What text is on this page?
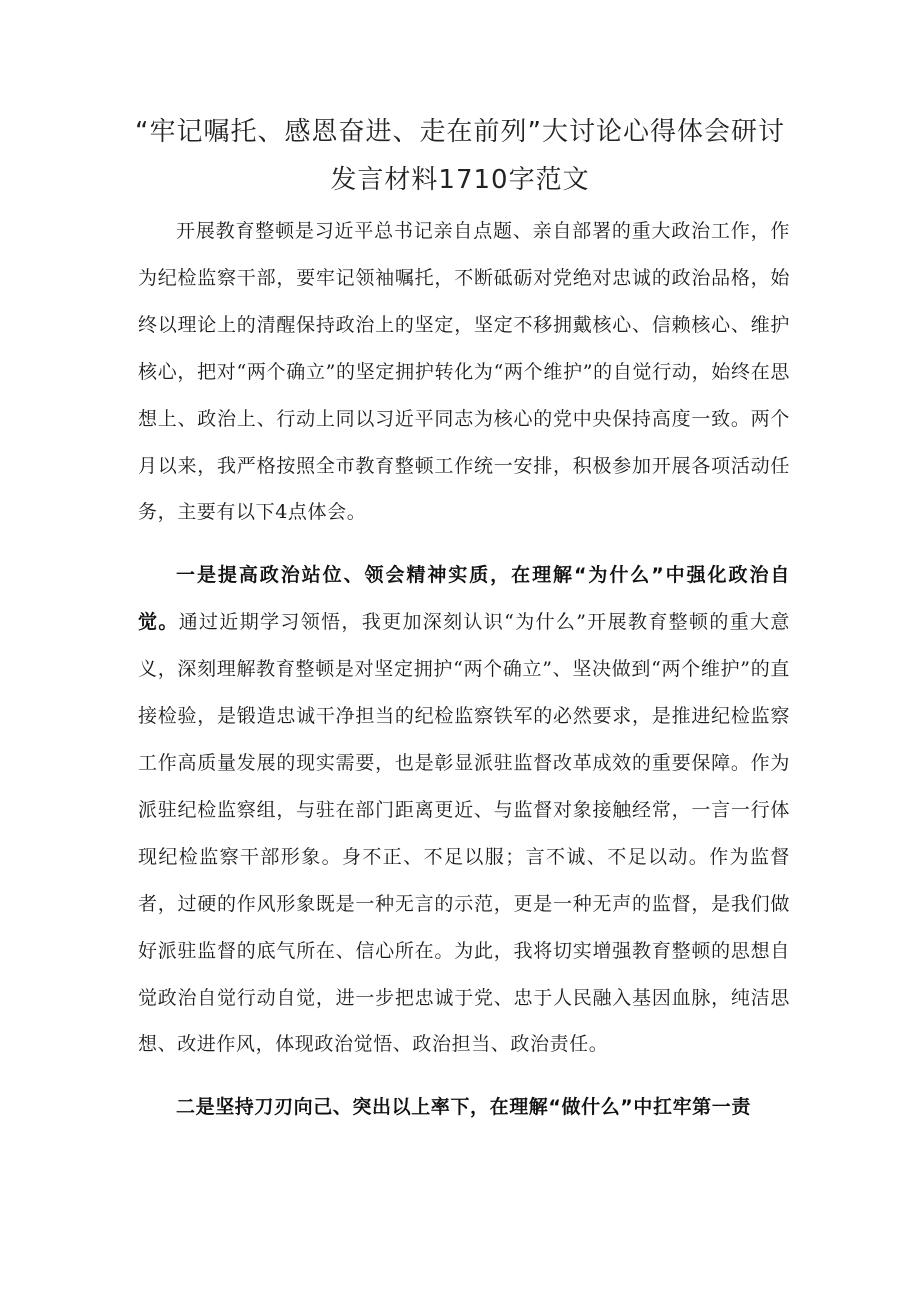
“牢记嘱托、感恩奋进、走在前列”大讨论心得体会研讨
发言材料1710字范文

开展教育整顿是习近平总书记亲自点题、亲自部署的重大政治工作，作为纪检监察干部，要牢记领袖嘱托，不断砥砺对党绝对忠诚的政治品格，始终以理论上的清醒保持政治上的坚定，坚定不移拥戴核心、信赖核心、维护核心，把对“两个确立”的坚定拥护转化为“两个维护”的自觉行动，始终在思想上、政治上、行动上同以习近平同志为核心的党中央保持高度一致。两个月以来，我严格按照全市教育整顿工作统一安排，积极参加开展各项活动任务，主要有以下4点体会。

一是提高政治站位、领会精神实质，在理解“为什么”中强化政治自觉。通过近期学习领悟，我更加深刻认识“为什么”开展教育整顿的重大意义，深刻理解教育整顿是对坚定拥护“两个确立”、坚决做到“两个维护”的直接检验，是锻造忠诚干净担当的纪检监察铁军的必然要求，是推进纪检监察工作高质量发展的现实需要，也是彰显派驻监督改革成效的重要保障。作为派驻纪检监察组，与驻在部门距离更近、与监督对象接触经常，一言一行体现纪检监察干部形象。身不正、不足以服；言不诚、不足以动。作为监督者，过硬的作风形象既是一种无言的示范，更是一种无声的监督，是我们做好派驻监督的底气所在、信心所在。为此，我将切实增强教育整顿的思想自觉政治自觉行动自觉，进一步把忠诚于党、忠于人民融入基因血脉，纯洁思想、改进作风，体现政治觉悟、政治担当、政治责任。

二是坚持刀刃向己、突出以上率下，在理解“做什么”中扛牢第一责
